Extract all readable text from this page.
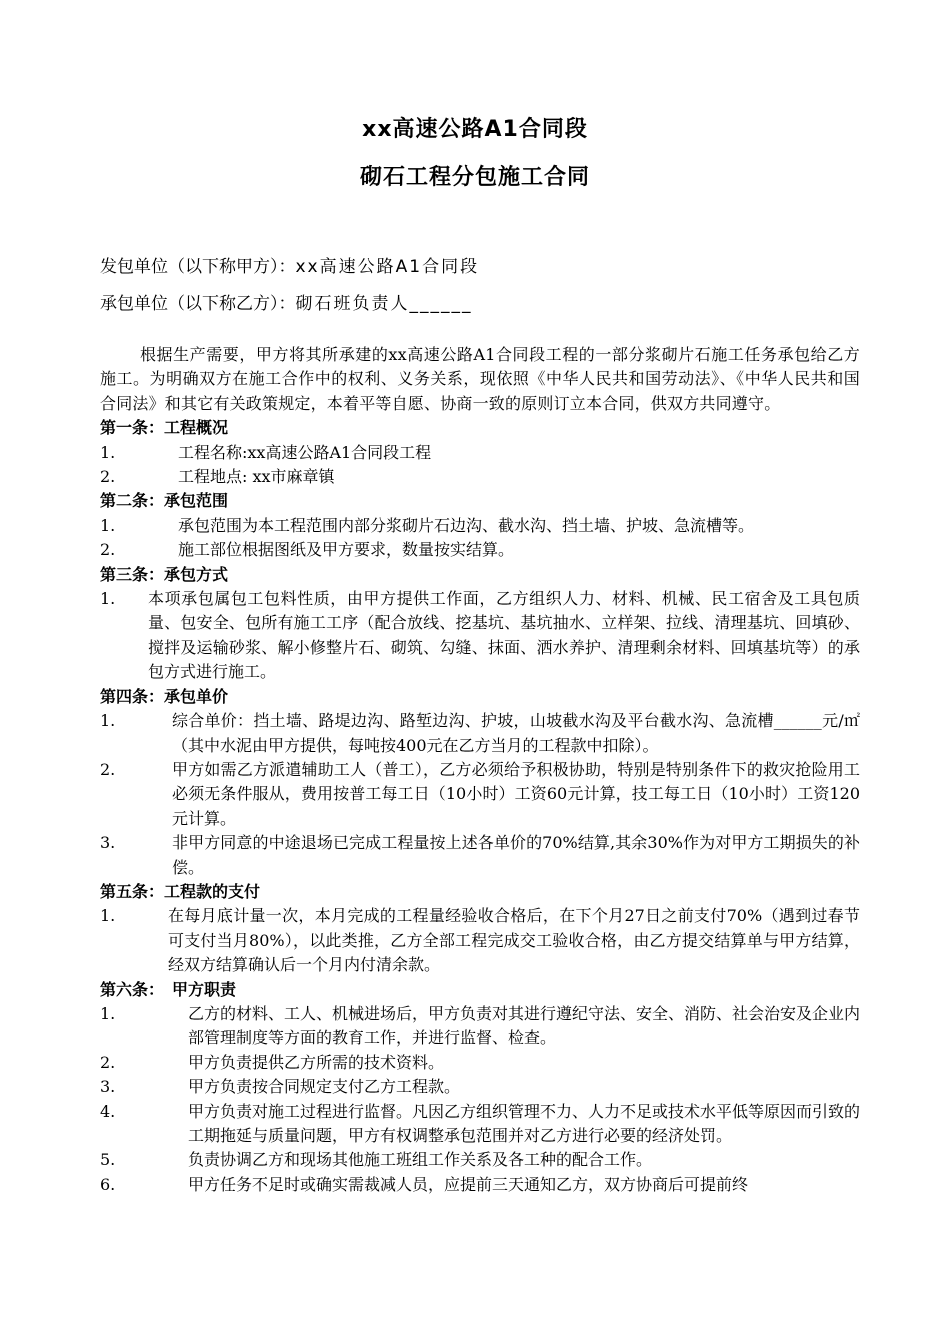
xx高速公路A1合同段
砌石工程分包施工合同
发包单位（以下称甲方）：xx高速公路A1合同段
承包单位（以下称乙方）：砌石班负责人______

根据生产需要，甲方将其所承建的xx高速公路A1合同段工程的一部分浆砌片石施工任务承包给乙方施工。为明确双方在施工合作中的权利、义务关系，现依照《中华人民共和国劳动法》、《中华人民共和国合同法》和其它有关政策规定，本着平等自愿、协商一致的原则订立本合同，供双方共同遵守。

第一条：工程概况

1.	工程名称:xx高速公路A1合同段工程
2.	工程地点: xx市麻章镇

第二条：承包范围

1.	承包范围为本工程范围内部分浆砌片石边沟、截水沟、挡土墙、护坡、急流槽等。
2.	施工部位根据图纸及甲方要求，数量按实结算。

第三条：承包方式

1. 本项承包属包工包料性质，由甲方提供工作面，乙方组织人力、材料、机械、民工宿舍及工具包质量、包安全、包所有施工工序（配合放线、挖基坑、基坑抽水、立样架、拉线、清理基坑、回填砂、搅拌及运输砂浆、解小修整片石、砌筑、勾缝、抹面、洒水养护、清理剩余材料、回填基坑等）的承包方式进行施工。

第四条：承包单价

1.	综合单价：挡土墙、路堤边沟、路堑边沟、护坡，山坡截水沟及平台截水沟、急流槽______元/㎡（其中水泥由甲方提供，每吨按400元在乙方当月的工程款中扣除）。
2.	甲方如需乙方派遣辅助工人（普工），乙方必须给予积极协助，特别是特别条件下的救灾抢险用工必须无条件服从，费用按普工每工日（10小时）工资60元计算，技工每工日（10小时）工资120元计算。
3.	非甲方同意的中途退场已完成工程量按上述各单价的70%结算,其余30%作为对甲方工期损失的补偿。

第五条：工程款的支付

1.	在每月底计量一次，本月完成的工程量经验收合格后，在下个月27日之前支付70%（遇到过春节可支付当月80%），以此类推，乙方全部工程完成交工验收合格，由乙方提交结算单与甲方结算，经双方结算确认后一个月内付清余款。

第六条：　甲方职责

1.	乙方的材料、工人、机械进场后，甲方负责对其进行遵纪守法、安全、消防、社会治安及企业内部管理制度等方面的教育工作，并进行监督、检查。
2.	甲方负责提供乙方所需的技术资料。
3.	甲方负责按合同规定支付乙方工程款。
4.	甲方负责对施工过程进行监督。凡因乙方组织管理不力、人力不足或技术水平低等原因而引致的工期拖延与质量问题，甲方有权调整承包范围并对乙方进行必要的经济处罚。
5.	负责协调乙方和现场其他施工班组工作关系及各工种的配合工作。
6.	甲方任务不足时或确实需裁减人员，应提前三天通知乙方，双方协商后可提前终
